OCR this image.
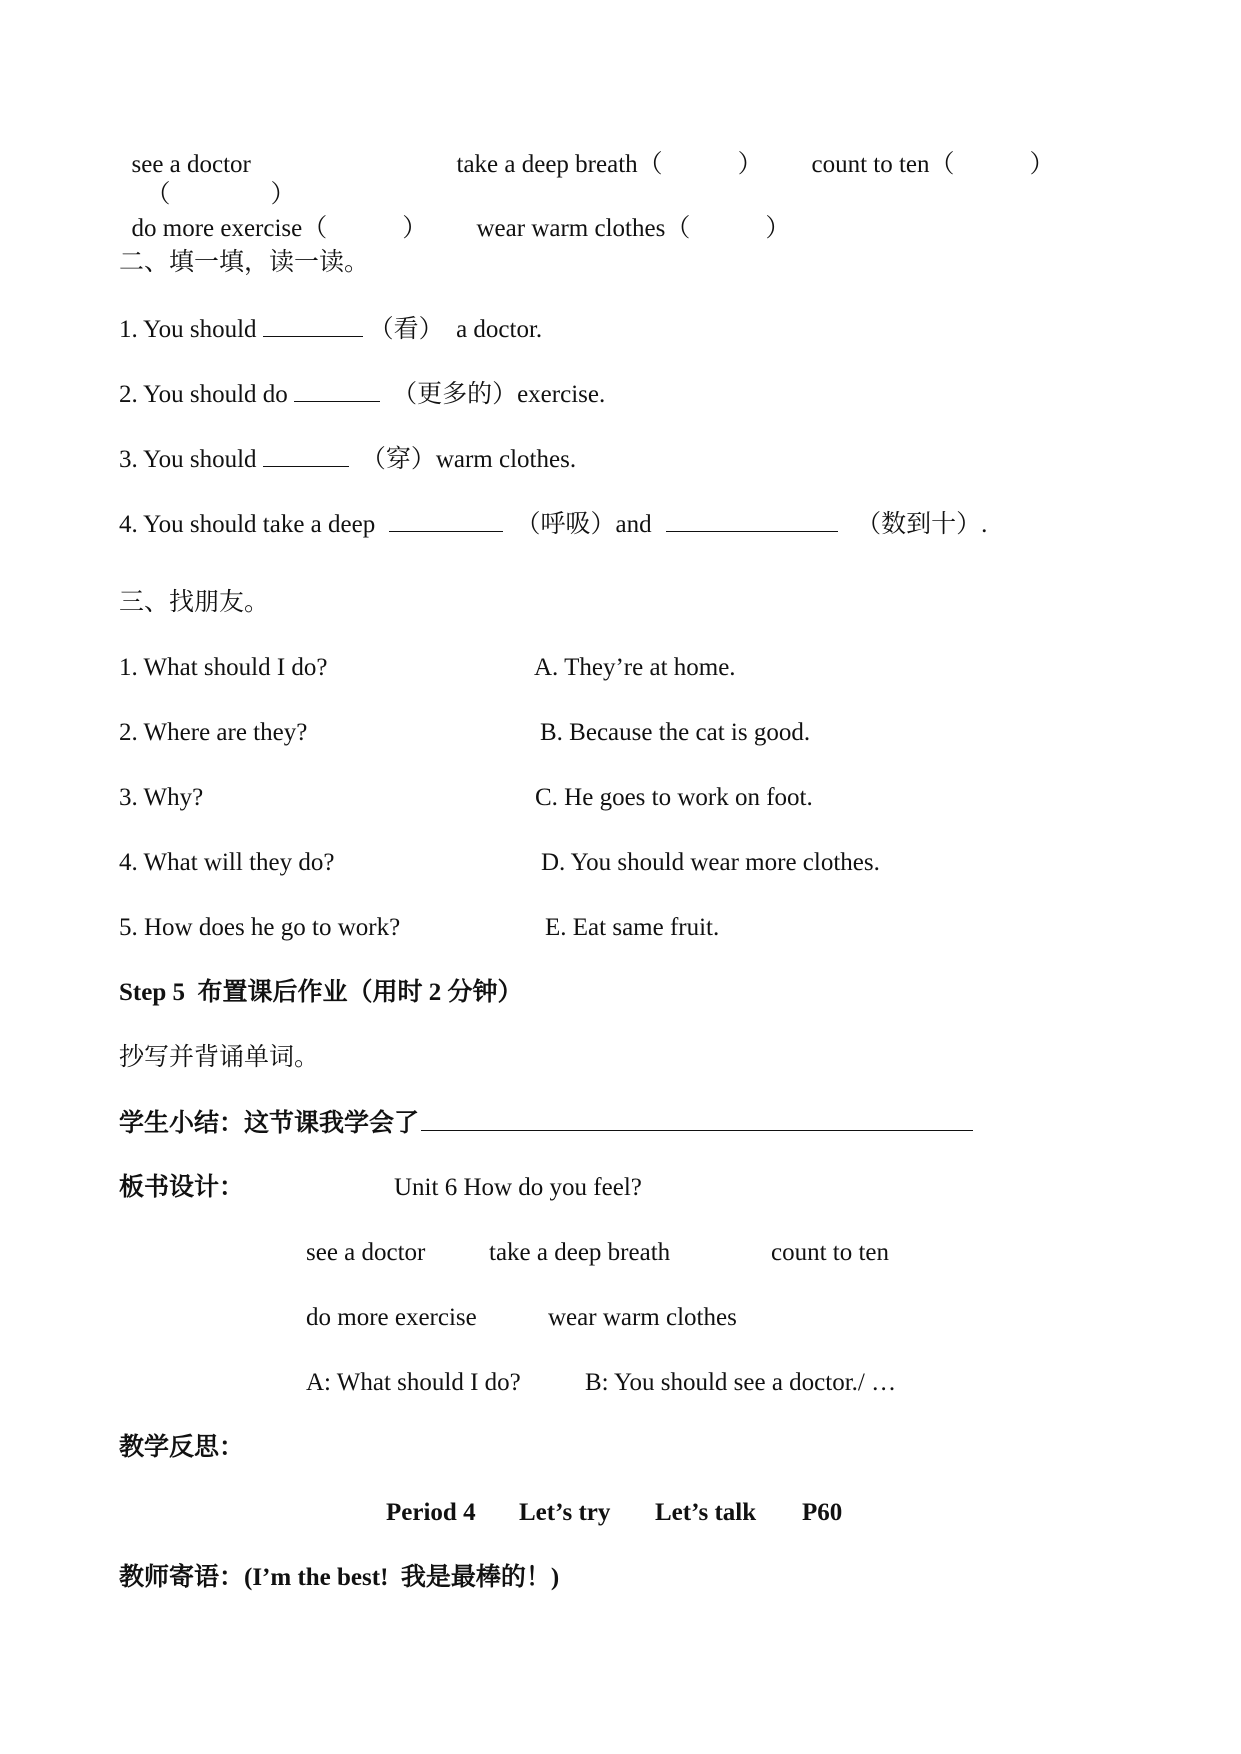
see a doctor
（　　　　）

take a deep breath（　　　）	count to ten（　　　）

do more exercise（　　　）	wear warm clothes（　　　）

二、填一填，读一读。
1. You should	（看） a doctor.
2. You should do	（更多的）exercise.
3. You should	（穿）warm clothes.
4. You should take a deep	（呼吸）and	（数到十）.
三、找朋友。
1. What should I do?	A. They’re at home.
2. Where are they?	B. Because the cat is good.
3. Why?	C. He goes to work on foot.
4. What will they do?	D. You should wear more clothes.
5. How does he go to work?	E. Eat same fruit.
Step 5  布置课后作业（用时 2 分钟）
抄写并背诵单词。
学生小结：这节课我学会了
板书设计：	Unit 6 How do you feel?
see a doctor	take a deep breath	count to ten
do more exercise	wear warm clothes
A: What should I do?	B: You should see a doctor./ …
教学反思：
Period 4 Let’s try Let’s talk P60
教师寄语：(I’m the best!  我是最棒的！)
